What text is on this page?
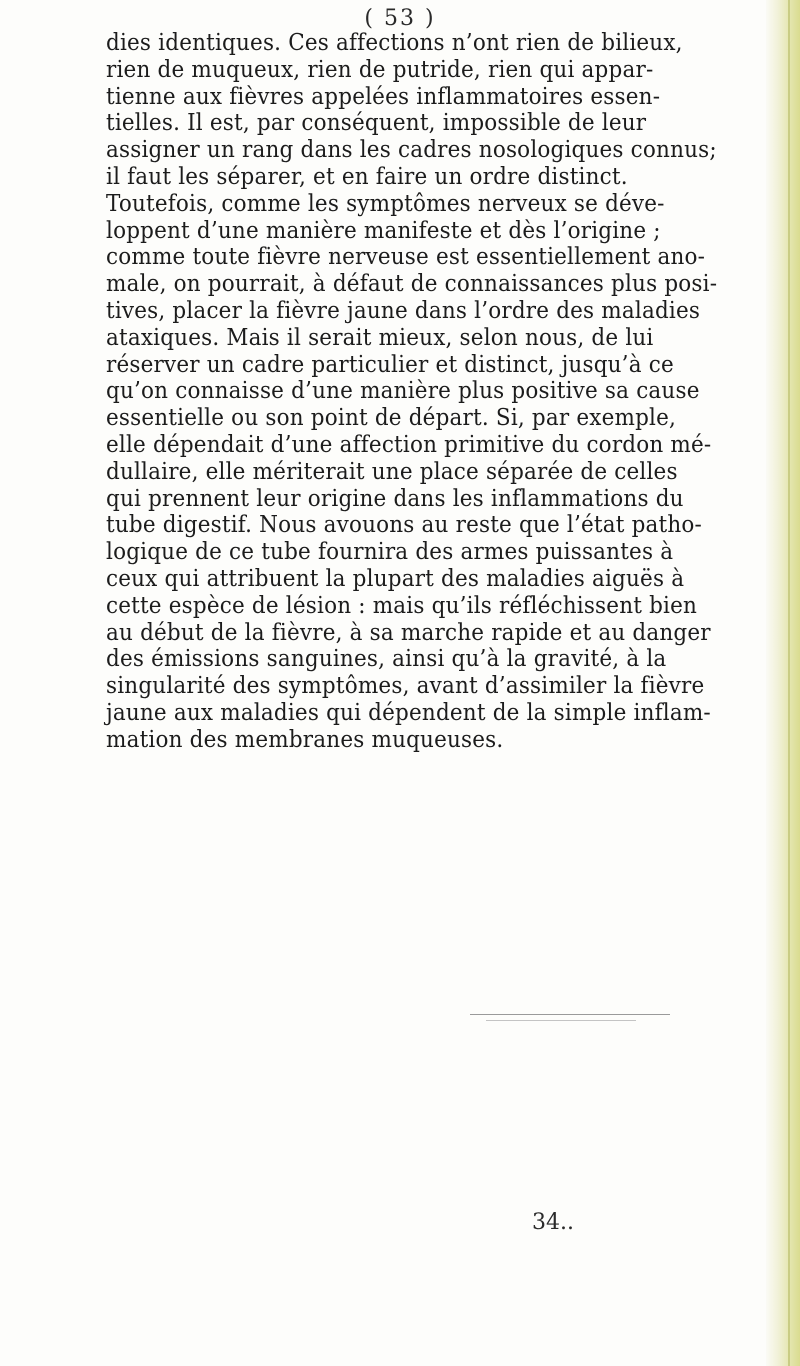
( 53 )
dies identiques. Ces affections n’ont rien de bilieux,
rien de muqueux, rien de putride, rien qui appar-
tienne aux fièvres appelées inflammatoires essen-
tielles. Il est, par conséquent, impossible de leur
assigner un rang dans les cadres nosologiques connus;
il faut les séparer, et en faire un ordre distinct.
Toutefois, comme les symptômes nerveux se déve-
loppent d’une manière manifeste et dès l’origine ;
comme toute fièvre nerveuse est essentiellement ano-
male, on pourrait, à défaut de connaissances plus posi-
tives, placer la fièvre jaune dans l’ordre des maladies
ataxiques. Mais il serait mieux, selon nous, de lui
réserver un cadre particulier et distinct, jusqu’à ce
qu’on connaisse d’une manière plus positive sa cause
essentielle ou son point de départ. Si, par exemple,
elle dépendait d’une affection primitive du cordon mé-
dullaire, elle mériterait une place séparée de celles
qui prennent leur origine dans les inflammations du
tube digestif. Nous avouons au reste que l’état patho-
logique de ce tube fournira des armes puissantes à
ceux qui attribuent la plupart des maladies aiguës à
cette espèce de lésion : mais qu’ils réfléchissent bien
au début de la fièvre, à sa marche rapide et au danger
des émissions sanguines, ainsi qu’à la gravité, à la
singularité des symptômes, avant d’assimiler la fièvre
jaune aux maladies qui dépendent de la simple inflam-
mation des membranes muqueuses.
34..
